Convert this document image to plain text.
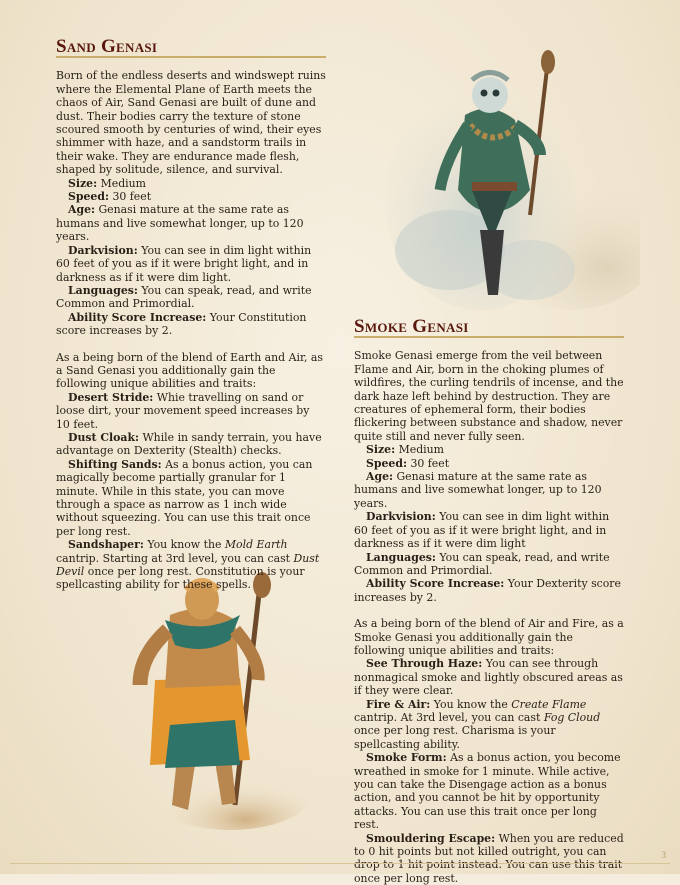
Sand Genasi

Born of the endless deserts and windswept ruins where the Elemental Plane of Earth meets the chaos of Air, Sand Genasi are built of dune and dust. Their bodies carry the texture of stone scoured smooth by centuries of wind, their eyes shimmer with haze, and a sandstorm trails in their wake. They are endurance made flesh, shaped by solitude, silence, and survival.

Size: Medium

Speed: 30 feet

Age: Genasi mature at the same rate as humans and live somewhat longer, up to 120 years.

Darkvision: You can see in dim light within 60 feet of you as if it were bright light, and in darkness as if it were dim light.

Languages: You can speak, read, and write Common and Primordial.

Ability Score Increase: Your Constitution score increases by 2.

As a being born of the blend of Earth and Air, as a Sand Genasi you additionally gain the following unique abilities and traits:

Desert Stride: Whie travelling on sand or loose dirt, your movement speed increases by 10 feet.

Dust Cloak: While in sandy terrain, you have advantage on Dexterity (Stealth) checks.

Shifting Sands: As a bonus action, you can magically become partially granular for 1 minute. While in this state, you can move through a space as narrow as 1 inch wide without squeezing. You can use this trait once per long rest.

Sandshaper: You know the Mold Earth cantrip. Starting at 3rd level, you can cast Dust Devil once per long rest. Constitution is your spellcasting ability for these spells.

Smoke Genasi

Smoke Genasi emerge from the veil between Flame and Air, born in the choking plumes of wildfires, the curling tendrils of incense, and the dark haze left behind by destruction. They are creatures of ephemeral form, their bodies flickering between substance and shadow, never quite still and never fully seen.

Size: Medium

Speed: 30 feet

Age: Genasi mature at the same rate as humans and live somewhat longer, up to 120 years.

Darkvision: You can see in dim light within 60 feet of you as if it were bright light, and in darkness as if it were dim light

Languages: You can speak, read, and write Common and Primordial.

Ability Score Increase: Your Dexterity score increases by 2.

As a being born of the blend of Air and Fire, as a Smoke Genasi you additionally gain the following unique abilities and traits:

See Through Haze: You can see through nonmagical smoke and lightly obscured areas as if they were clear.

Fire & Air: You know the Create Flame cantrip. At 3rd level, you can cast Fog Cloud once per long rest. Charisma is your spellcasting ability.

Smoke Form: As a bonus action, you become wreathed in smoke for 1 minute. While active, you can take the Disengage action as a bonus action, and you cannot be hit by opportunity attacks. You can use this trait once per long rest.

Smouldering Escape: When you are reduced to 0 hit points but not killed outright, you can drop to 1 hit point instead. You can use this trait once per long rest.

3
